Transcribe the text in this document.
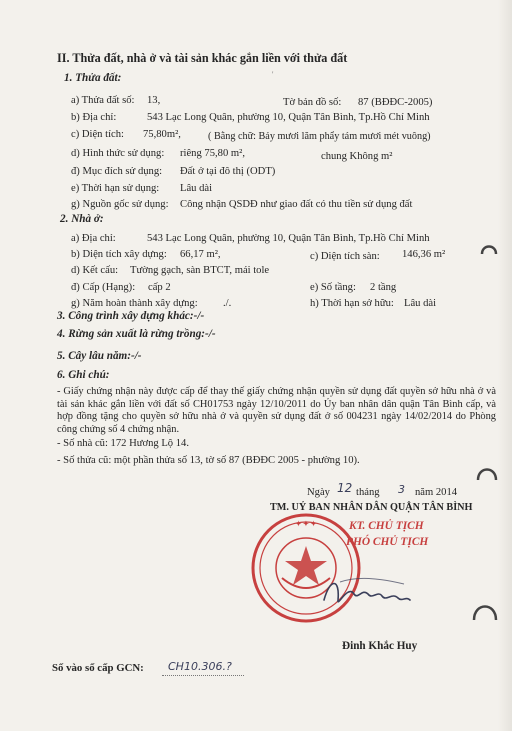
II. Thửa đất, nhà ở và tài sản khác gắn liền với thửa đất
'
1. Thửa đất:
a) Thửa đất số: 13,	Tờ bản đồ số: 87 (BĐĐC-2005)
b) Địa chỉ:	543 Lạc Long Quân, phường 10, Quận Tân Bình, Tp.Hồ Chí Minh
c) Diện tích: 75,80m²,	( Bằng chữ: Bảy mươi lăm phẩy tám mươi mét vuông)
d) Hình thức sử dụng: riêng 75,80 m²,	chung Không m²
đ) Mục đích sử dụng: Đất ở tại đô thị (ODT)
e) Thời hạn sử dụng: Lâu dài
g) Nguồn gốc sử dụng: Công nhận QSDĐ như giao đất có thu tiền sử dụng đất
2. Nhà ở:
a) Địa chỉ:	543 Lạc Long Quân, phường 10, Quận Tân Bình, Tp.Hồ Chí Minh
b) Diện tích xây dựng: 66,17 m²,	c) Diện tích sàn: 146,36 m²
d) Kết cấu: Tường gạch, sàn BTCT, mái tole
đ) Cấp (Hạng): cấp 2	e) Số tầng: 2 tầng
g) Năm hoàn thành xây dựng: ./.	h) Thời hạn sở hữu: Lâu dài
3. Công trình xây dựng khác:-/-
4. Rừng sản xuất là rừng trồng:-/-
5. Cây lâu năm:-/-
6. Ghi chú:
- Giấy chứng nhận này được cấp để thay thế giấy chứng nhận quyền sử dụng đất quyền sở hữu nhà ở và tài sản khác gắn liền với đất số CH01753 ngày 12/10/2011 do Ủy ban nhân dân quận Tân Bình cấp, và hợp đồng tặng cho quyền sở hữu nhà ở và quyền sử dụng đất ở số 004231 ngày 14/02/2014 do Phòng công chứng số 4 chứng nhận.
- Số nhà cũ: 172 Hương Lộ 14.
- Số thửa cũ: một phần thửa số 13, tờ số 87 (BĐĐC 2005 - phường 10).
Ngày 12 tháng 3 năm 2014
TM. UỶ BAN NHÂN DÂN QUẬN TÂN BÌNH
✦ ✦ ✦	KT. CHỦ TỊCH
PHÓ CHỦ TỊCH
Đinh Khắc Huy
Số vào sổ cấp GCN: CH10.306.?
